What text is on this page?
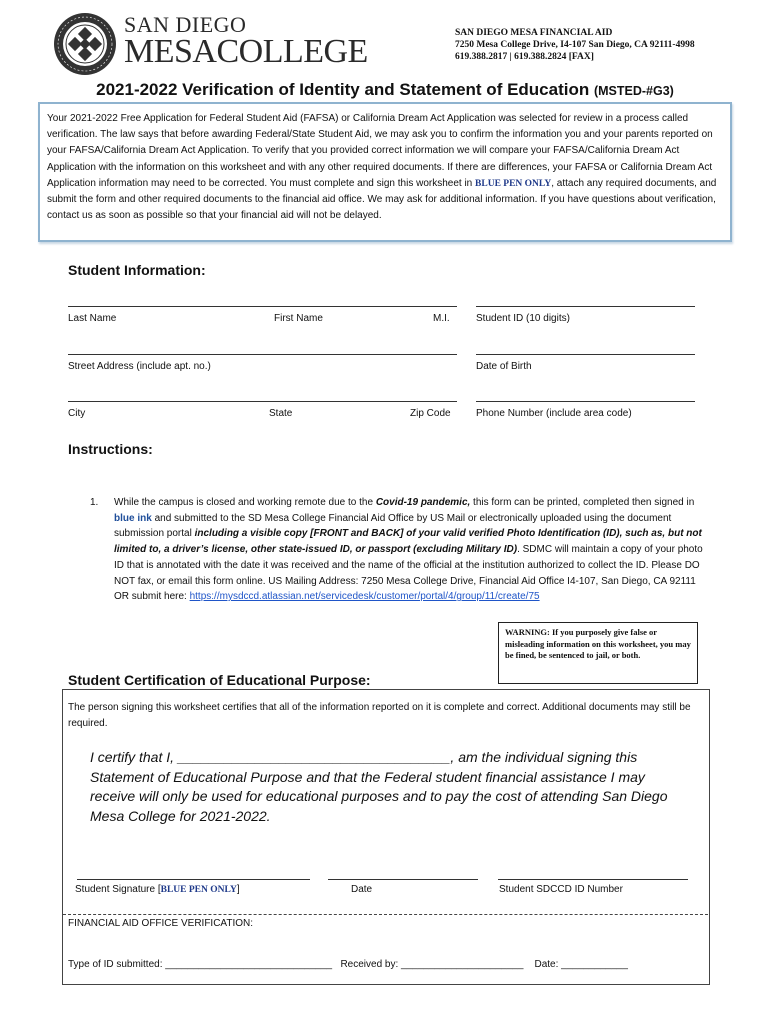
SAN DIEGO
MESACOLLEGE	SAN DIEGO MESA FINANCIAL AID
7250 Mesa College Drive, I4-107 San Diego, CA 92111-4998
619.388.2817 | 619.388.2824 [FAX]
2021-2022 Verification of Identity and Statement of Education (MSTED-#G3)
Your 2021-2022 Free Application for Federal Student Aid (FAFSA) or California Dream Act Application was selected for review in a process called verification. The law says that before awarding Federal/State Student Aid, we may ask you to confirm the information you and your parents reported on your FAFSA/California Dream Act Application. To verify that you provided correct information we will compare your FAFSA/California Dream Act Application with the information on this worksheet and with any other required documents. If there are differences, your FAFSA or California Dream Act Application information may need to be corrected. You must complete and sign this worksheet in BLUE PEN ONLY, attach any required documents, and submit the form and other required documents to the financial aid office. We may ask for additional information. If you have questions about verification, contact us as soon as possible so that your financial aid will not be delayed.
Student Information:
Last Name	First Name	M.I.	Student ID (10 digits)
Street Address (include apt. no.)	Date of Birth
City	State	Zip Code	Phone Number (include area code)
Instructions:
1. While the campus is closed and working remote due to the Covid-19 pandemic, this form can be printed, completed then signed in blue ink and submitted to the SD Mesa College Financial Aid Office by US Mail or electronically uploaded using the document submission portal including a visible copy [FRONT and BACK] of your valid verified Photo Identification (ID), such as, but not limited to, a driver’s license, other state-issued ID, or passport (excluding Military ID). SDMC will maintain a copy of your photo ID that is annotated with the date it was received and the name of the official at the institution authorized to collect the ID. Please DO NOT fax, or email this form online. US Mailing Address: 7250 Mesa College Drive, Financial Aid Office I4-107, San Diego, CA 92111 OR submit here: https://mysdccd.atlassian.net/servicedesk/customer/portal/4/group/11/create/75
WARNING: If you purposely give false or misleading information on this worksheet, you may be fined, be sentenced to jail, or both.
Student Certification of Educational Purpose:
The person signing this worksheet certifies that all of the information reported on it is complete and correct. Additional documents may still be required.
I certify that I, ___________________________________, am the individual signing this Statement of Educational Purpose and that the Federal student financial assistance I may receive will only be used for educational purposes and to pay the cost of attending San Diego Mesa College for 2021-2022.
Student Signature [BLUE PEN ONLY]	Date	Student SDCCD ID Number
FINANCIAL AID OFFICE VERIFICATION:
Type of ID submitted: ______________________________   Received by: ______________________    Date: ____________
